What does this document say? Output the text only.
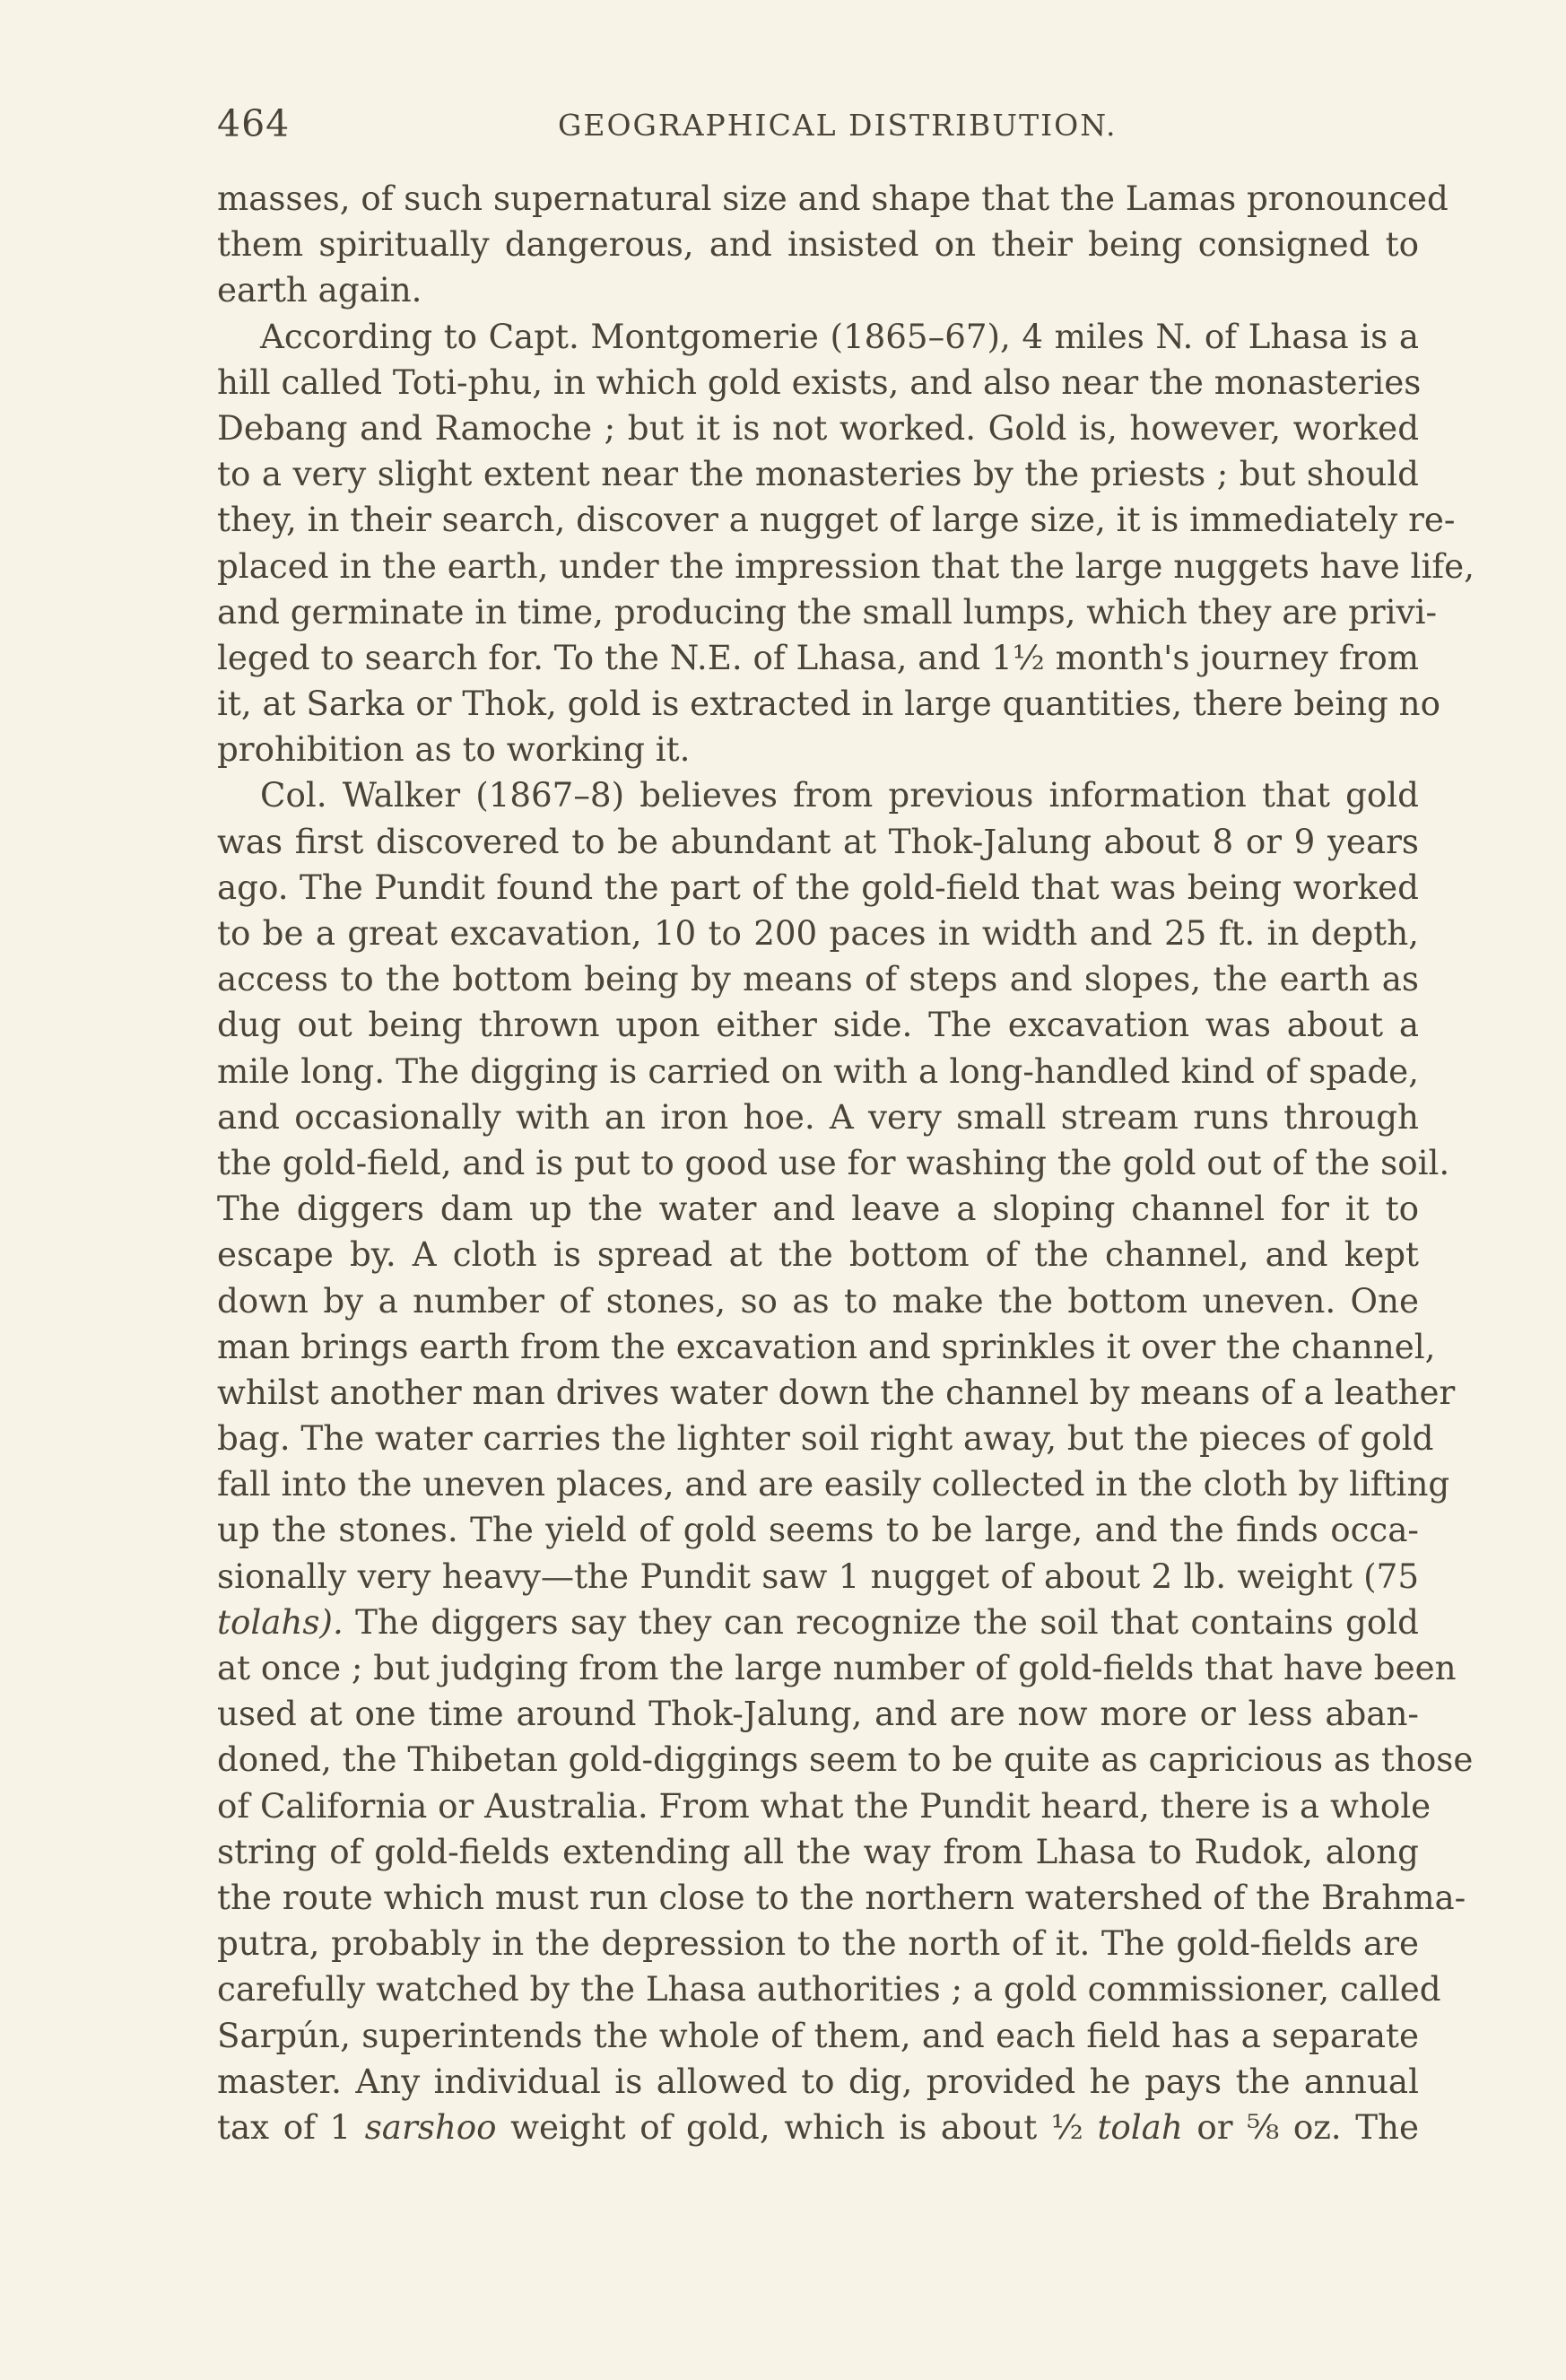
464	GEOGRAPHICAL DISTRIBUTION.
masses, of such supernatural size and shape that the Lamas pronounced
them spiritually dangerous, and insisted on their being consigned to
earth again.
According to Capt. Montgomerie (1865–67), 4 miles N. of Lhasa is a
hill called Toti-phu, in which gold exists, and also near the monasteries
Debang and Ramoche ; but it is not worked. Gold is, however, worked
to a very slight extent near the monasteries by the priests ; but should
they, in their search, discover a nugget of large size, it is immediately re-
placed in the earth, under the impression that the large nuggets have life,
and germinate in time, producing the small lumps, which they are privi-
leged to search for. To the N.E. of Lhasa, and 1½ month's journey from
it, at Sarka or Thok, gold is extracted in large quantities, there being no
prohibition as to working it.
Col. Walker (1867–8) believes from previous information that gold
was first discovered to be abundant at Thok-Jalung about 8 or 9 years
ago. The Pundit found the part of the gold-field that was being worked
to be a great excavation, 10 to 200 paces in width and 25 ft. in depth,
access to the bottom being by means of steps and slopes, the earth as
dug out being thrown upon either side. The excavation was about a
mile long. The digging is carried on with a long-handled kind of spade,
and occasionally with an iron hoe. A very small stream runs through
the gold-field, and is put to good use for washing the gold out of the soil.
The diggers dam up the water and leave a sloping channel for it to
escape by. A cloth is spread at the bottom of the channel, and kept
down by a number of stones, so as to make the bottom uneven. One
man brings earth from the excavation and sprinkles it over the channel,
whilst another man drives water down the channel by means of a leather
bag. The water carries the lighter soil right away, but the pieces of gold
fall into the uneven places, and are easily collected in the cloth by lifting
up the stones. The yield of gold seems to be large, and the finds occa-
sionally very heavy—the Pundit saw 1 nugget of about 2 lb. weight (75
tolahs). The diggers say they can recognize the soil that contains gold
at once ; but judging from the large number of gold-fields that have been
used at one time around Thok-Jalung, and are now more or less aban-
doned, the Thibetan gold-diggings seem to be quite as capricious as those
of California or Australia. From what the Pundit heard, there is a whole
string of gold-fields extending all the way from Lhasa to Rudok, along
the route which must run close to the northern watershed of the Brahma-
putra, probably in the depression to the north of it. The gold-fields are
carefully watched by the Lhasa authorities ; a gold commissioner, called
Sarpún, superintends the whole of them, and each field has a separate
master. Any individual is allowed to dig, provided he pays the annual
tax of 1 sarshoo weight of gold, which is about ½ tolah or ⅝ oz. The
